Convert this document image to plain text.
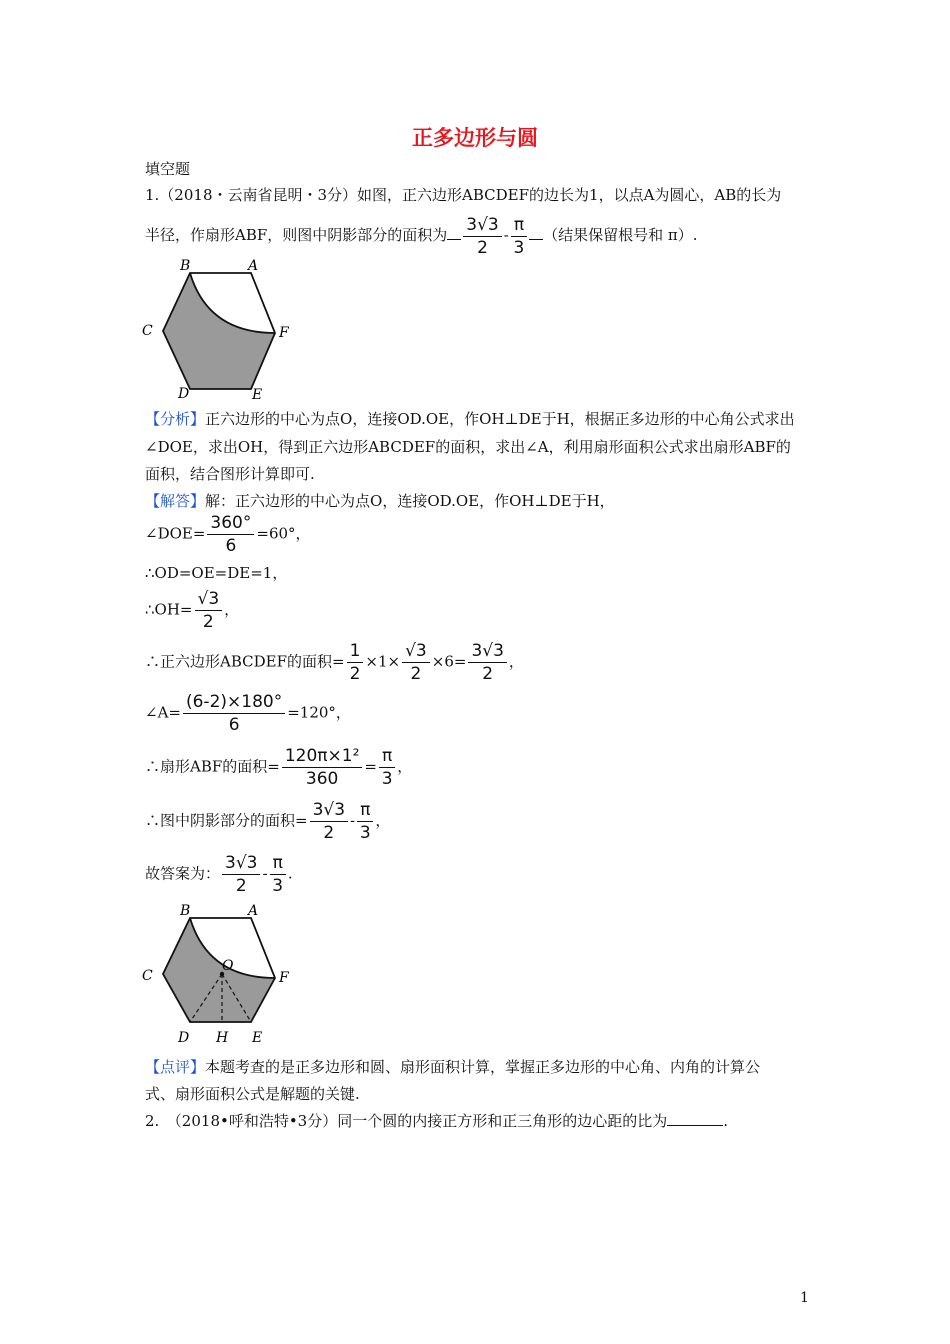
正多边形与圆
填空题
1.（2018・云南省昆明・3分）如图，正六边形ABCDEF的边长为1，以点A为圆心，AB的长为
半径，作扇形ABF，则图中阴影部分的面积为 $\frac{3√3}{2} - \frac{\pi}{3}$ （结果保留根号和 π）.
B	A
C	F
D	E
【分析】正六边形的中心为点O，连接OD.OE，作OH⊥DE于H，根据正多边形的中心角公式求出
∠DOE，求出OH，得到正六边形ABCDEF的面积，求出∠A，利用扇形面积公式求出扇形ABF的
面积，结合图形计算即可.
【解答】解：正六边形的中心为点O，连接OD.OE，作OH⊥DE于H，
∠DOE= $\frac{360^\circ}{6} =60^\circ$，
∴OD=OE=DE=1，
∴OH= $\frac{√3}{2}$ ，
∴正六边形ABCDEF的面积= $\frac{1}{2} \times 1\times \frac{√3}{2} \times 6= \frac{3√3}{2}$ ，
∠A= $\frac{(6-2)\times 180^\circ}{6} =120^\circ$，
∴扇形ABF的面积= $\frac{\text{120π×1²}}{360} = \frac{\pi}{3}$ ，
∴图中阴影部分的面积= $\frac{3√3}{2} - \frac{\pi}{3}$ ，
故答案为： $\frac{3√3}{2} - \frac{\pi}{3}$ .
B	A
C
O
F
D H E
【点评】本题考查的是正多边形和圆、扇形面积计算，掌握正多边形的中心角、内角的计算公
式、扇形面积公式是解题的关键.
2.　（2018•呼和浩特•3分）同一个圆的内接正方形和正三角形的边心距的比为	.
1
